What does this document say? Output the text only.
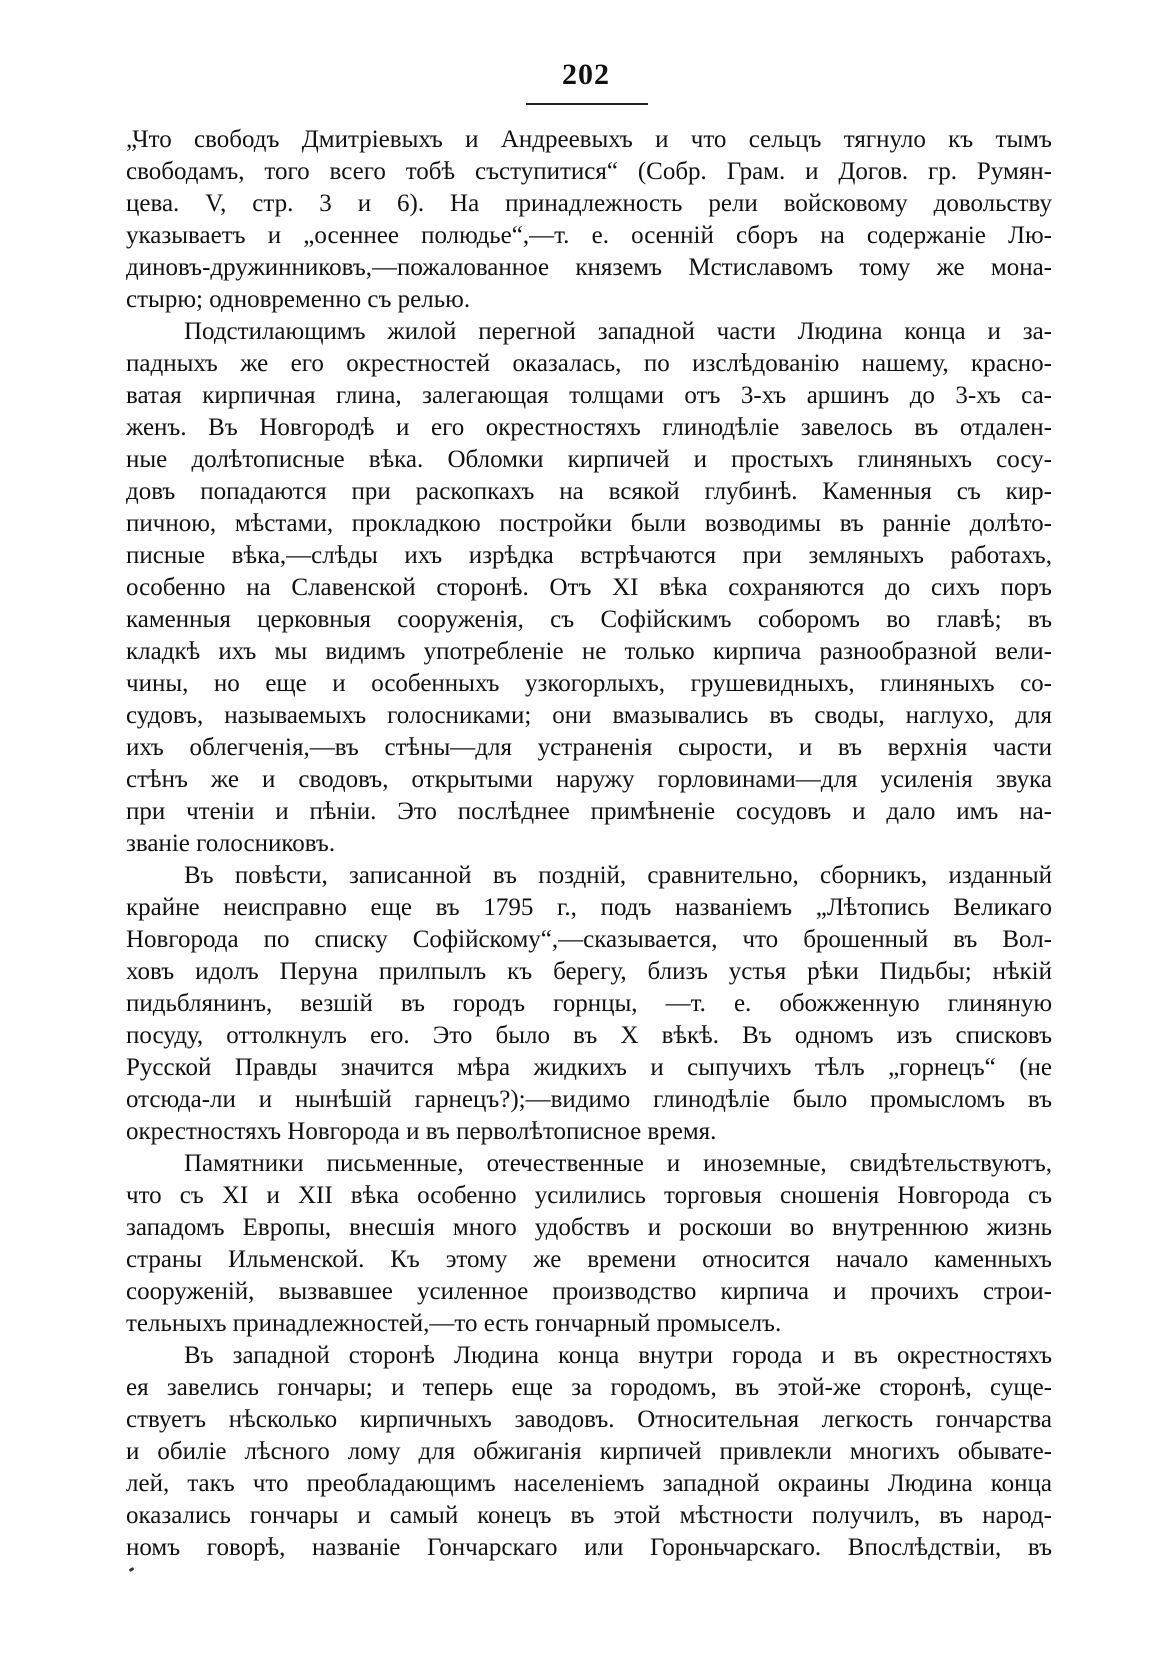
202
„Что свободъ Дмитріевыхъ и Андреевыхъ и что сельцъ тягнуло къ тымъ
свободамъ, того всего тобѣ съступитися“ (Собр. Грам. и Догов. гр. Румян-
цева. V, стр. 3 и 6). На принадлежность рели войсковому довольству
указываетъ и „осеннее полюдье“,—т. е. осенній сборъ на содержаніе Лю-
диновъ-дружинниковъ,—пожалованное княземъ Мстиславомъ тому же мона-
стырю; одновременно съ релью.
Подстилающимъ жилой перегной западной части Людина конца и за-
падныхъ же его окрестностей оказалась, по изслѣдованію нашему, красно-
ватая кирпичная глина, залегающая толщами отъ 3-хъ аршинъ до 3-хъ са-
женъ. Въ Новгородѣ и его окрестностяхъ глинодѣліе завелось въ отдален-
ные долѣтописные вѣка. Обломки кирпичей и простыхъ глиняныхъ сосу-
довъ попадаются при раскопкахъ на всякой глубинѣ. Каменныя съ кир-
пичною, мѣстами, прокладкою постройки были возводимы въ ранніе долѣто-
писные вѣка,—слѣды ихъ изрѣдка встрѣчаются при земляныхъ работахъ,
особенно на Славенской сторонѣ. Отъ XI вѣка сохраняются до сихъ поръ
каменныя церковныя сооруженія, съ Софійскимъ соборомъ во главѣ; въ
кладкѣ ихъ мы видимъ употребленіе не только кирпича разнообразной вели-
чины, но еще и особенныхъ узкогорлыхъ, грушевидныхъ, глиняныхъ со-
судовъ, называемыхъ голосниками; они вмазывались въ своды, наглухо, для
ихъ облегченія,—въ стѣны—для устраненія сырости, и въ верхнія части
стѣнъ же и сводовъ, открытыми наружу горловинами—для усиленія звука
при чтеніи и пѣніи. Это послѣднее примѣненіе сосудовъ и дало имъ на-
званіе голосниковъ.
Въ повѣсти, записанной въ поздній, сравнительно, сборникъ, изданный
крайне неисправно еще въ 1795 г., подъ названіемъ „Лѣтопись Великаго
Новгорода по списку Софійскому“,—сказывается, что брошенный въ Вол-
ховъ идолъ Перуна прилпылъ къ берегу, близъ устья рѣки Пидьбы; нѣкій
пидьблянинъ, везшій въ городъ горнцы, —т. е. обожженную глиняную
посуду, оттолкнулъ его. Это было въ X вѣкѣ. Въ одномъ изъ списковъ
Русской Правды значится мѣра жидкихъ и сыпучихъ тѣлъ „горнецъ“ (не
отсюда-ли и нынѣшій гарнецъ?);—видимо глинодѣліе было промысломъ въ
окрестностяхъ Новгорода и въ перволѣтописное время.
Памятники письменные, отечественные и иноземные, свидѣтельствуютъ,
что съ XI и XII вѣка особенно усилились торговыя сношенія Новгорода съ
западомъ Европы, внесшія много удобствъ и роскоши во внутреннюю жизнь
страны Ильменской. Къ этому же времени относится начало каменныхъ
сооруженій, вызвавшее усиленное производство кирпича и прочихъ строи-
тельныхъ принадлежностей,—то есть гончарный промыселъ.
Въ западной сторонѣ Людина конца внутри города и въ окрестностяхъ
ея завелись гончары; и теперь еще за городомъ, въ этой-же сторонѣ, суще-
ствуетъ нѣсколько кирпичныхъ заводовъ. Относительная легкость гончарства
и обиліе лѣсного лому для обжиганія кирпичей привлекли многихъ обывате-
лей, такъ что преобладающимъ населеніемъ западной окраины Людина конца
оказались гончары и самый конецъ въ этой мѣстности получилъ, въ народ-
номъ говорѣ, названіе Гончарскаго или Гороньчарскаго. Впослѣдствіи, въ
